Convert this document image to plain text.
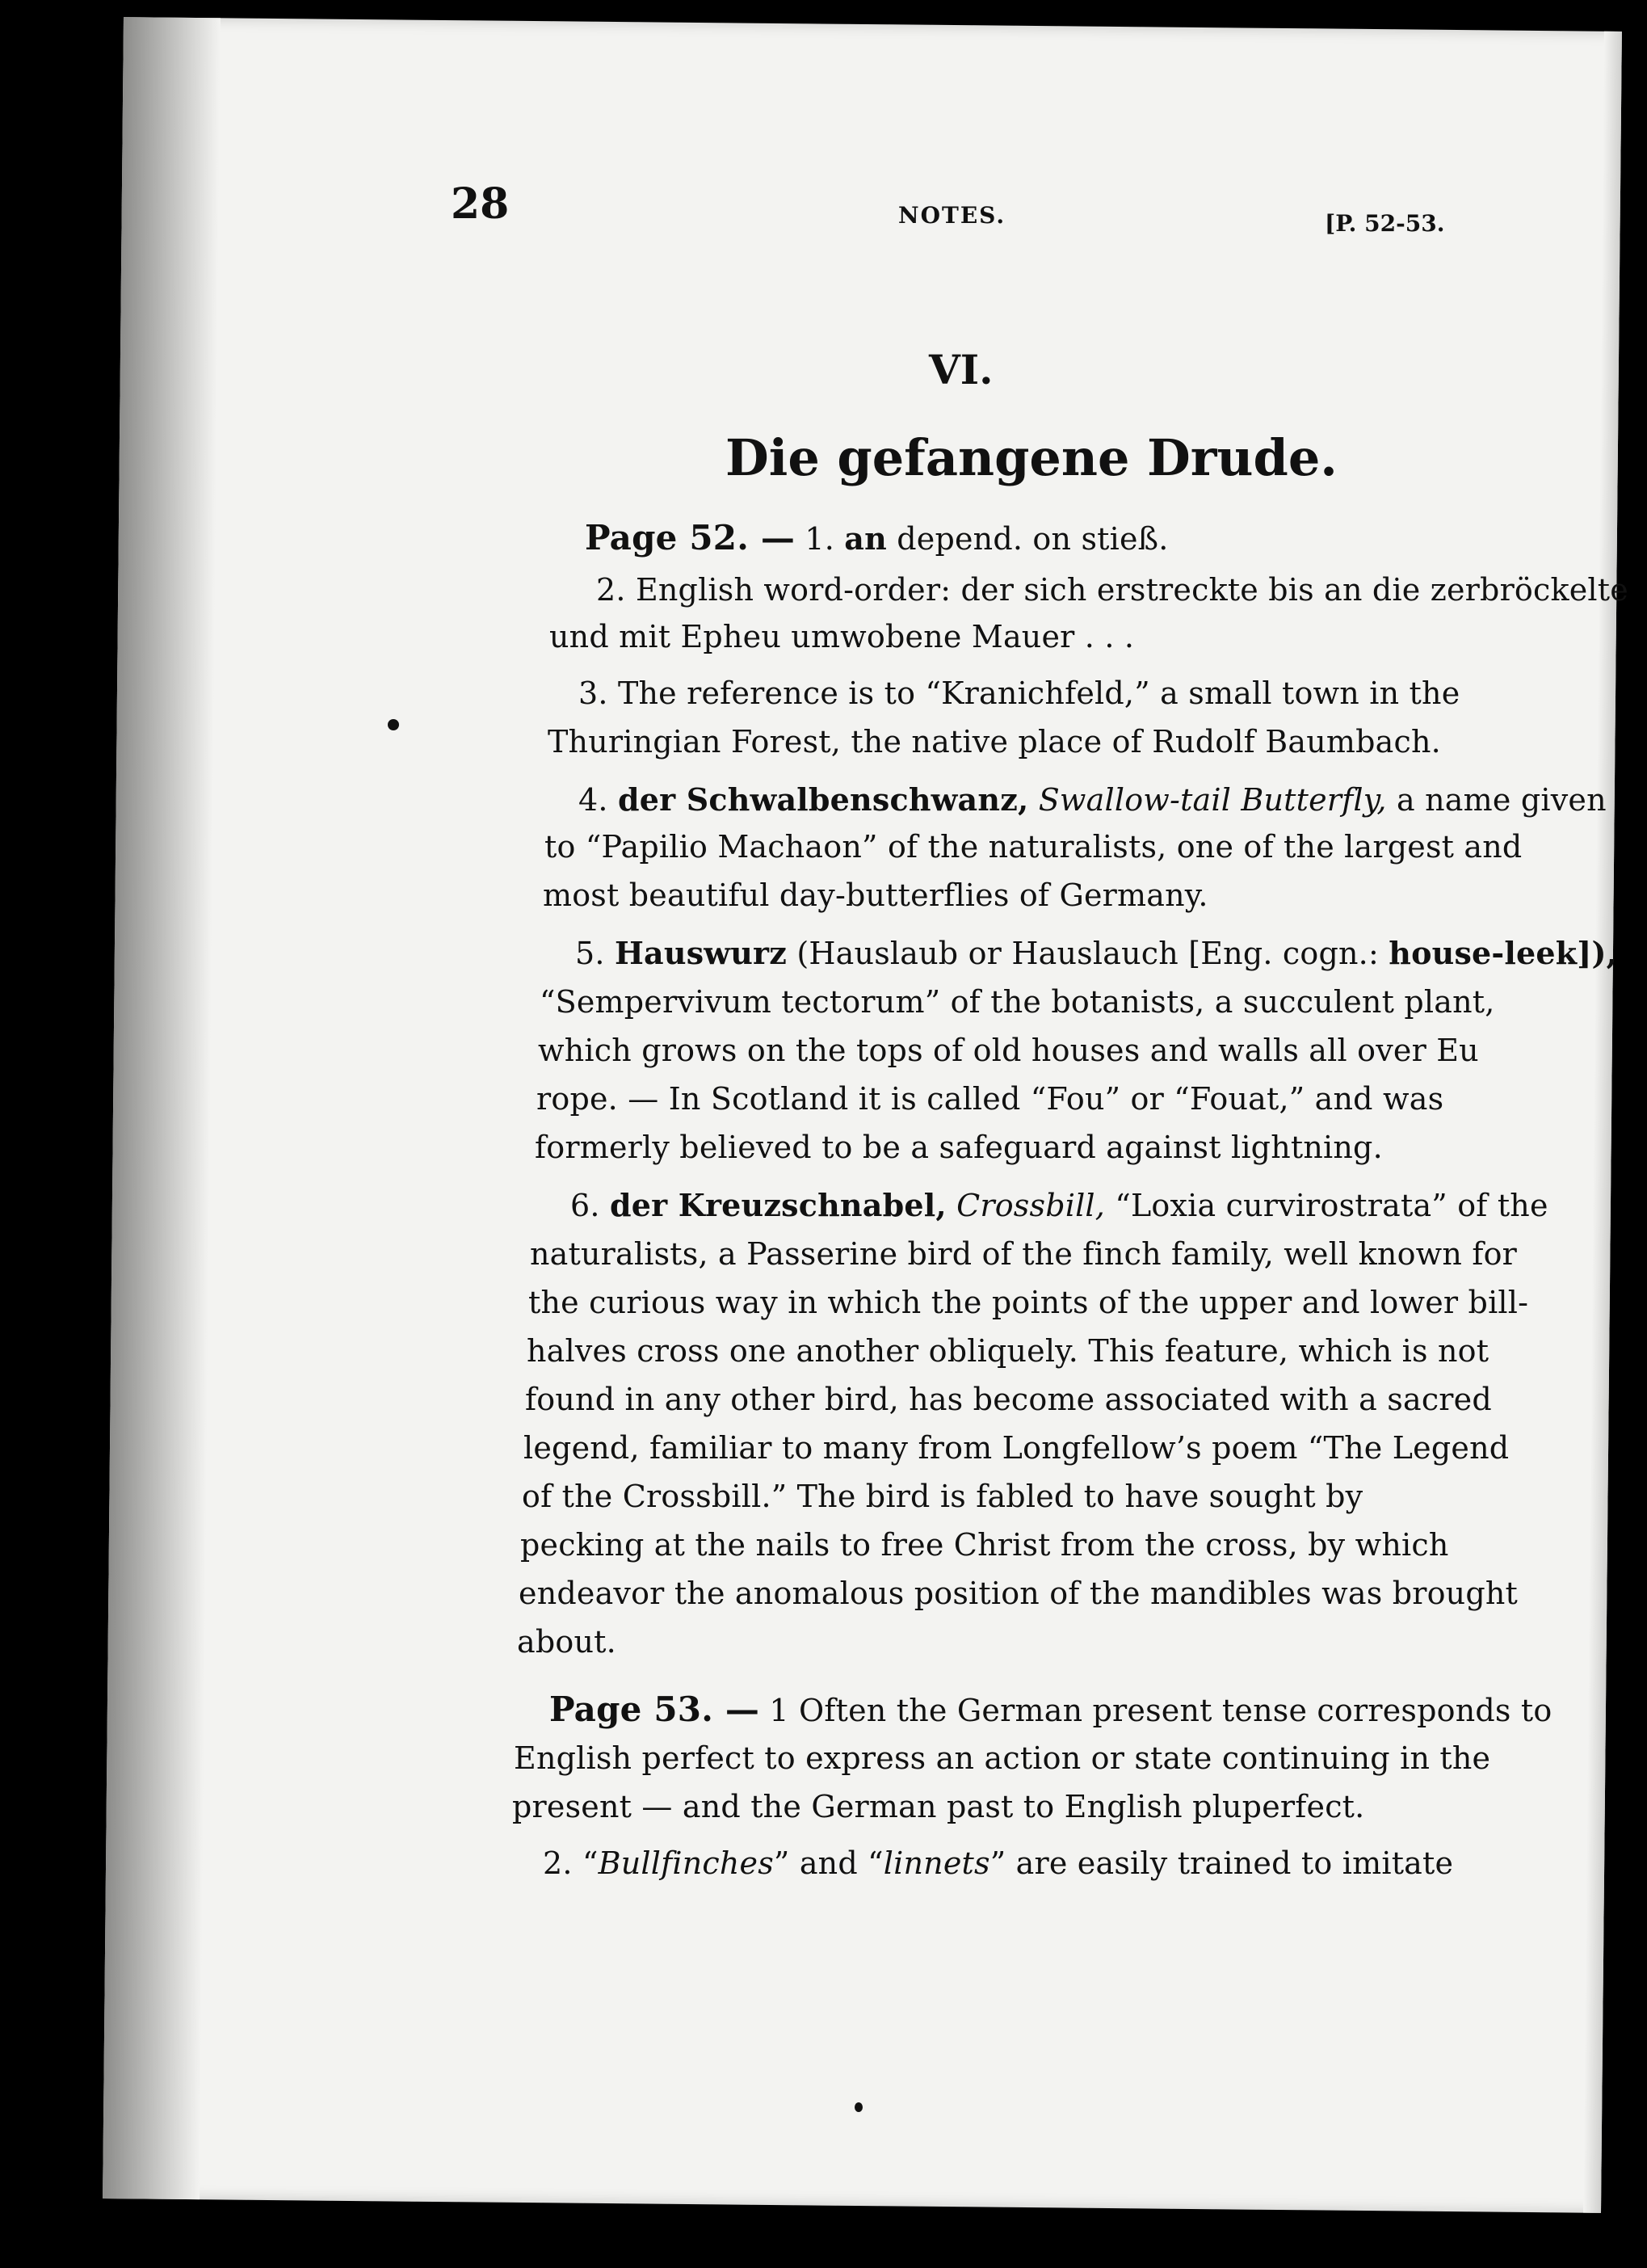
28	NOTES.	[P. 52-53.
VI.
Die gefangene Drude.
Page 52. — 1. an depend. on stieß.
2. English word-order: der sich erstreckte bis an die zerbröckelte
und mit Epheu umwobene Mauer . . .
3. The reference is to “Kranichfeld,” a small town in the
Thuringian Forest, the native place of Rudolf Baumbach.
4. der Schwalbenschwanz, Swallow-tail Butterfly, a name given
to “Papilio Machaon” of the naturalists, one of the largest and
most beautiful day-butterflies of Germany.
5. Hauswurz (Hauslaub or Hauslauch [Eng. cogn.: house-leek]),
“Sempervivum tectorum” of the botanists, a succulent plant,
which grows on the tops of old houses and walls all over Eu
rope. — In Scotland it is called “Fou” or “Fouat,” and was
formerly believed to be a safeguard against lightning.
6. der Kreuzschnabel, Crossbill, “Loxia curvirostrata” of the
naturalists, a Passerine bird of the finch family, well known for
the curious way in which the points of the upper and lower bill-
halves cross one another obliquely. This feature, which is not
found in any other bird, has become associated with a sacred
legend, familiar to many from Longfellow’s poem “The Legend
of the Crossbill.” The bird is fabled to have sought by
pecking at the nails to free Christ from the cross, by which
endeavor the anomalous position of the mandibles was brought
about.
Page 53. — 1 Often the German present tense corresponds to
English perfect to express an action or state continuing in the
present — and the German past to English pluperfect.
2. “Bullfinches” and “linnets” are easily trained to imitate
